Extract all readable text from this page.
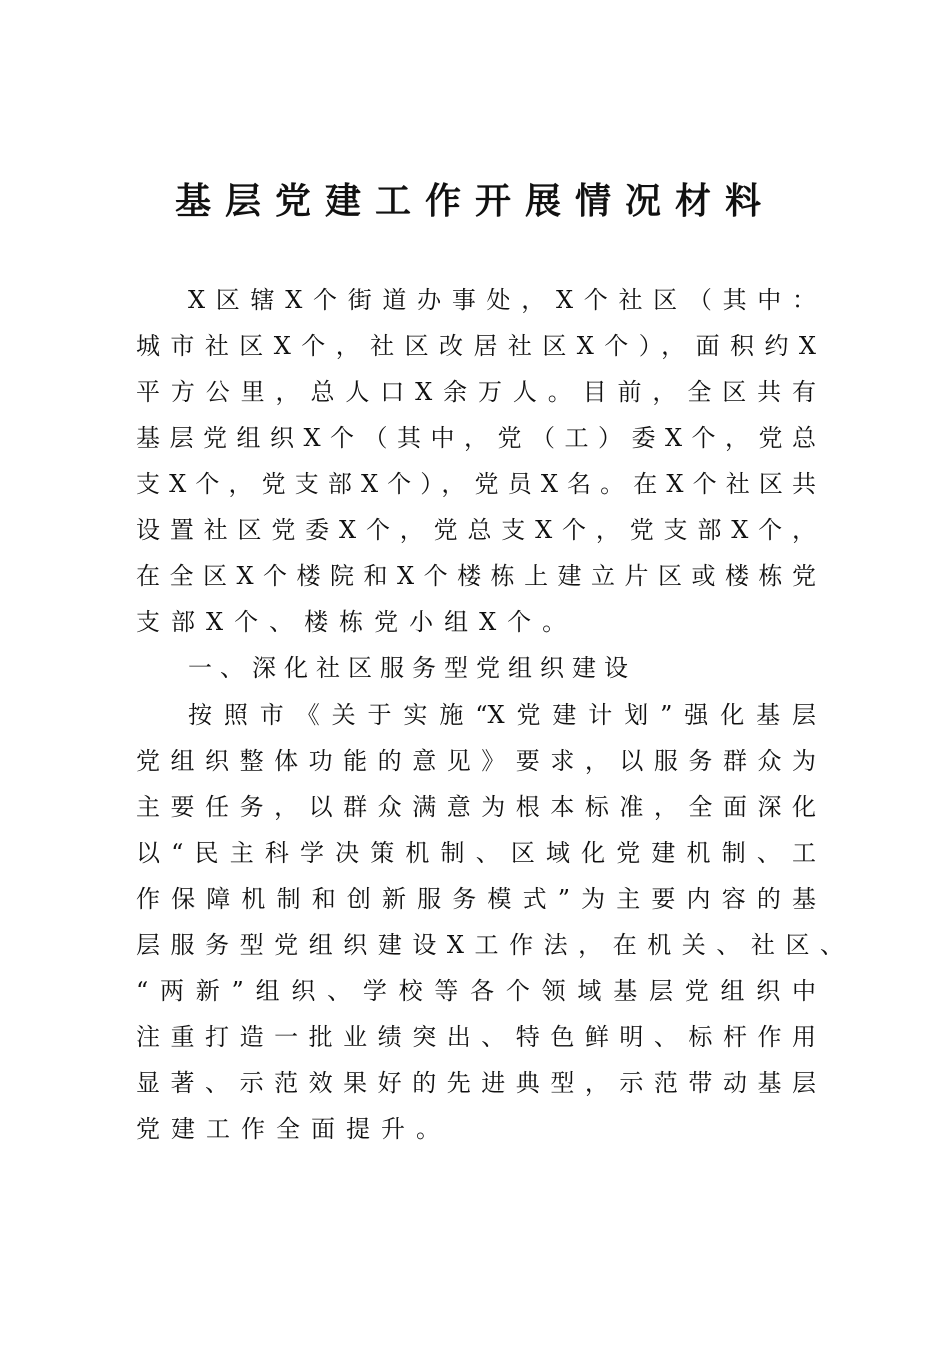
基层党建工作开展情况材料
X区辖X个街道办事处，X个社区（其中：
城市社区X个，社区改居社区X个），面积约X
平方公里，总人口X余万人。目前，全区共有
基层党组织X个（其中，党（工）委X个，党总
支X个，党支部X个），党员X名。在X个社区共
设置社区党委X个，党总支X个，党支部X个，
在全区X个楼院和X个楼栋上建立片区或楼栋党
支部X个、楼栋党小组X个。
一、深化社区服务型党组织建设
按照市《关于实施“X党建计划”强化基层
党组织整体功能的意见》要求，以服务群众为
主要任务，以群众满意为根本标准，全面深化
以“民主科学决策机制、区域化党建机制、工
作保障机制和创新服务模式”为主要内容的基
层服务型党组织建设X工作法，在机关、社区、
“两新”组织、学校等各个领域基层党组织中
注重打造一批业绩突出、特色鲜明、标杆作用
显著、示范效果好的先进典型，示范带动基层
党建工作全面提升。
